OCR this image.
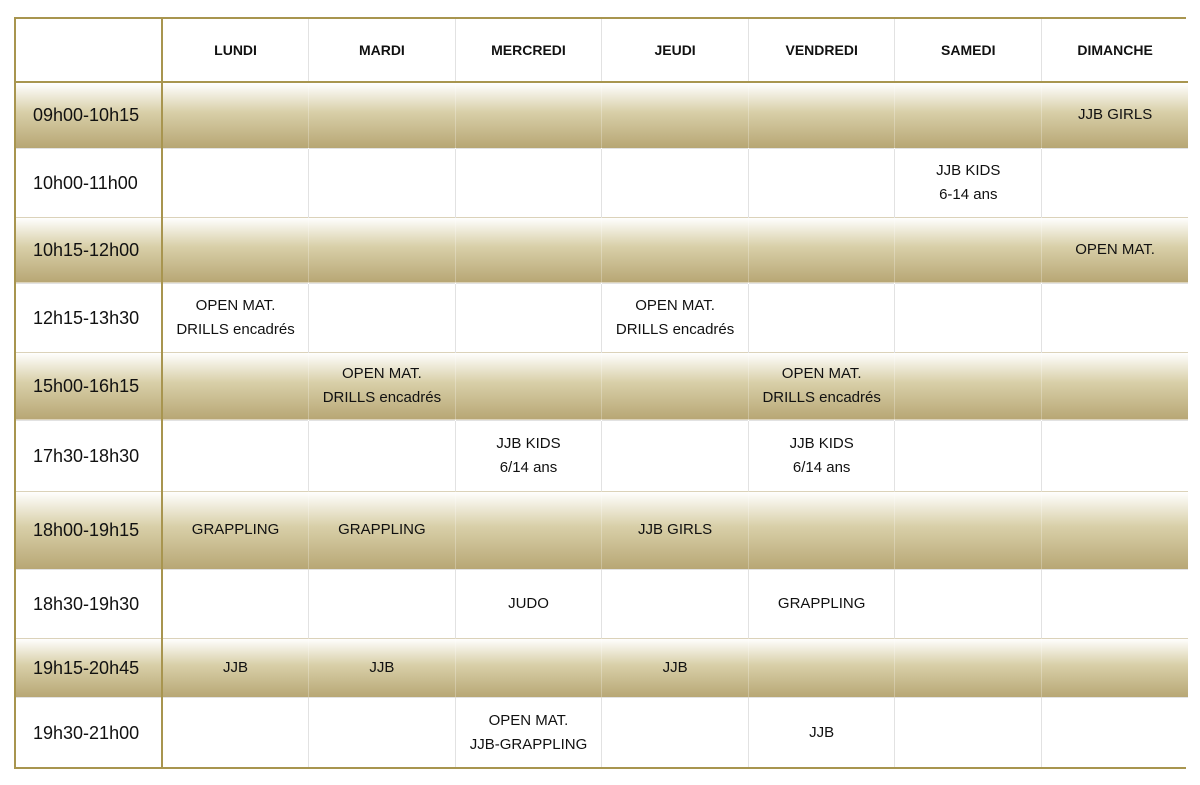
	LUNDI	MARDI	MERCREDI	JEUDI	VENDREDI	SAMEDI	DIMANCHE
09h00-10h15							JJB GIRLS

10h00-11h00						JJB KIDS
6-14 ans	

10h15-12h00							OPEN MAT.

12h15-13h30	OPEN MAT.
DRILLS encadrés			OPEN MAT.
DRILLS encadrés			

15h00-16h15		OPEN MAT.
DRILLS encadrés			OPEN MAT.
DRILLS encadrés		

17h30-18h30			JJB KIDS
6/14 ans		JJB KIDS
6/14 ans		

18h00-19h15	GRAPPLING	GRAPPLING		JJB GIRLS			

18h30-19h30			JUDO		GRAPPLING		

19h15-20h45	JJB	JJB		JJB			

19h30-21h00			OPEN MAT.
JJB-GRAPPLING		JJB		
